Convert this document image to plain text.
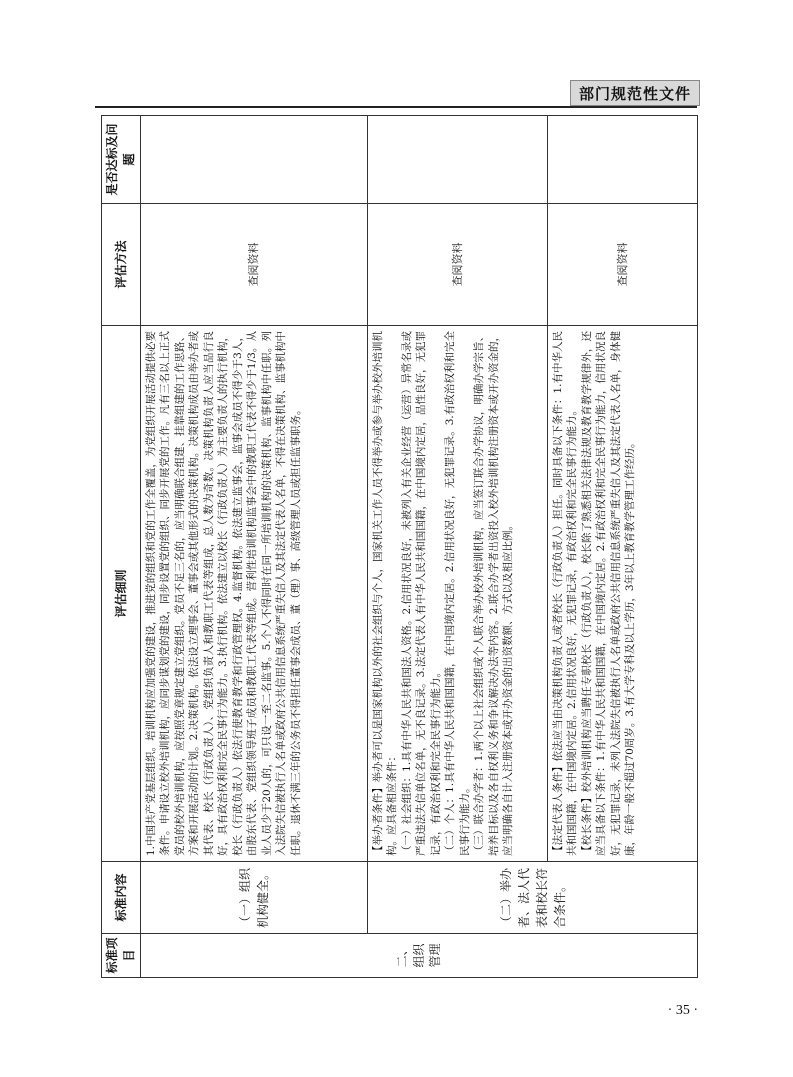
部门规范性文件
标准项目	标准内容	评估细则	评估方法	是否达标及问题
二、组织管理	（一）组织机构健全。	1.中国共产党基层组织。培训机构应加强党的建设，推进党的组织和党的工作全覆盖，为党组织开展活动提供必要条件。申请设立校外培训机构，应同步谋划党的建设，同步设置党的组织、同步开展党的工作。凡有三名以上正式党员的校外培训机构，应按照党章规定建立党组织。党员不足三名的，应当明确联合组建、挂靠组建的工作思路、方案和开展活动的计划。2.决策机构。依法设立理事会、董事会或其他形式的决策机构。决策机构成员由举办者或其代表、校长（行政负责人）、党组织负责人和教职工代表等组成，总人数为奇数。决策机构负责人应当品行良好，具有政治权利和完全民事行为能力。3.执行机构。依法建立以校长（行政负责人）为主要负责人的执行机构，校长（行政负责人）依法行使教育教学和行政管理权。4.监督机构。依法建立监事会，监事会成员不得少于3人，由股东代表、党组织领导班子成员和教职工代表等组成。营利性培训机构监事会中的教职工代表不得少于1/3。从业人员少于20人的，可只设一至二名监事。5.个人不得同时在同一所培训机构的决策机构、监事机构中任职。列入法院失信被执行人名单或政府公共信用信息系统严重失信人及其法定代表人名单，不得在决策机构、监事机构中任职。退休不满三年的公务员不得担任董事会成员、董（理）事、高级管理人员或担任监事职务。	查阅资料	
	（二）举办者、法人代表和校长符合条件。	【举办者条件】举办者可以是国家机构以外的社会组织与个人，国家机关工作人员不得举办或参与举办校外培训机构。应具备相应条件： （一）社会组织：1.具有中华人民共和国法人资格。2.信用状况良好，未被列入有关企业经营（运营）异常名录或严重违法失信单位名单，无不良记录。3.法定代表人有中华人民共和国国籍，在中国境内定居，品性良好，无犯罪记录，有政治权利和完全民事行为能力。 （二）个人：1.具有中华人民共和国国籍，在中国境内定居。2.信用状况良好，无犯罪记录。3.有政治权利和完全民事行为能力。 （三）联合办学者：1.两个以上社会组织或个人联合举办校外培训机构，应当签订联合办学协议，明确办学宗旨、培养目标以及各自权利义务和争议解决办法等内容。2.联合办学者出资投入校外培训机构注册资本或开办资金的，应当明确各自计入注册资本或开办资金的出资数额、方式以及相应比例。	查阅资料	

		【法定代表人条件】依法应当由决策机构负责人或者校长（行政负责人）担任。同时具备以下条件：1.有中华人民共和国国籍，在中国境内定居。2.信用状况良好，无犯罪记录，有政治权利和完全民事行为能力。 【校长条件】校外培训机构应当聘任专职校长（行政负责人），校长除了熟悉相关法律法规及教育教学规律外，还应当具备以下条件：1.有中华人民共和国国籍，在中国境内定居。2.有政治权利和完全民事行为能力，信用状况良好，无犯罪记录，未列入法院失信被执行人名单或政府公共信用信息系统严重失信人及其法定代表人名单，身体健康，年龄一般不超过70周岁。3.有大学专科及以上学历，3年以上教育教学管理工作经历。	查阅资料	
· 35 ·
